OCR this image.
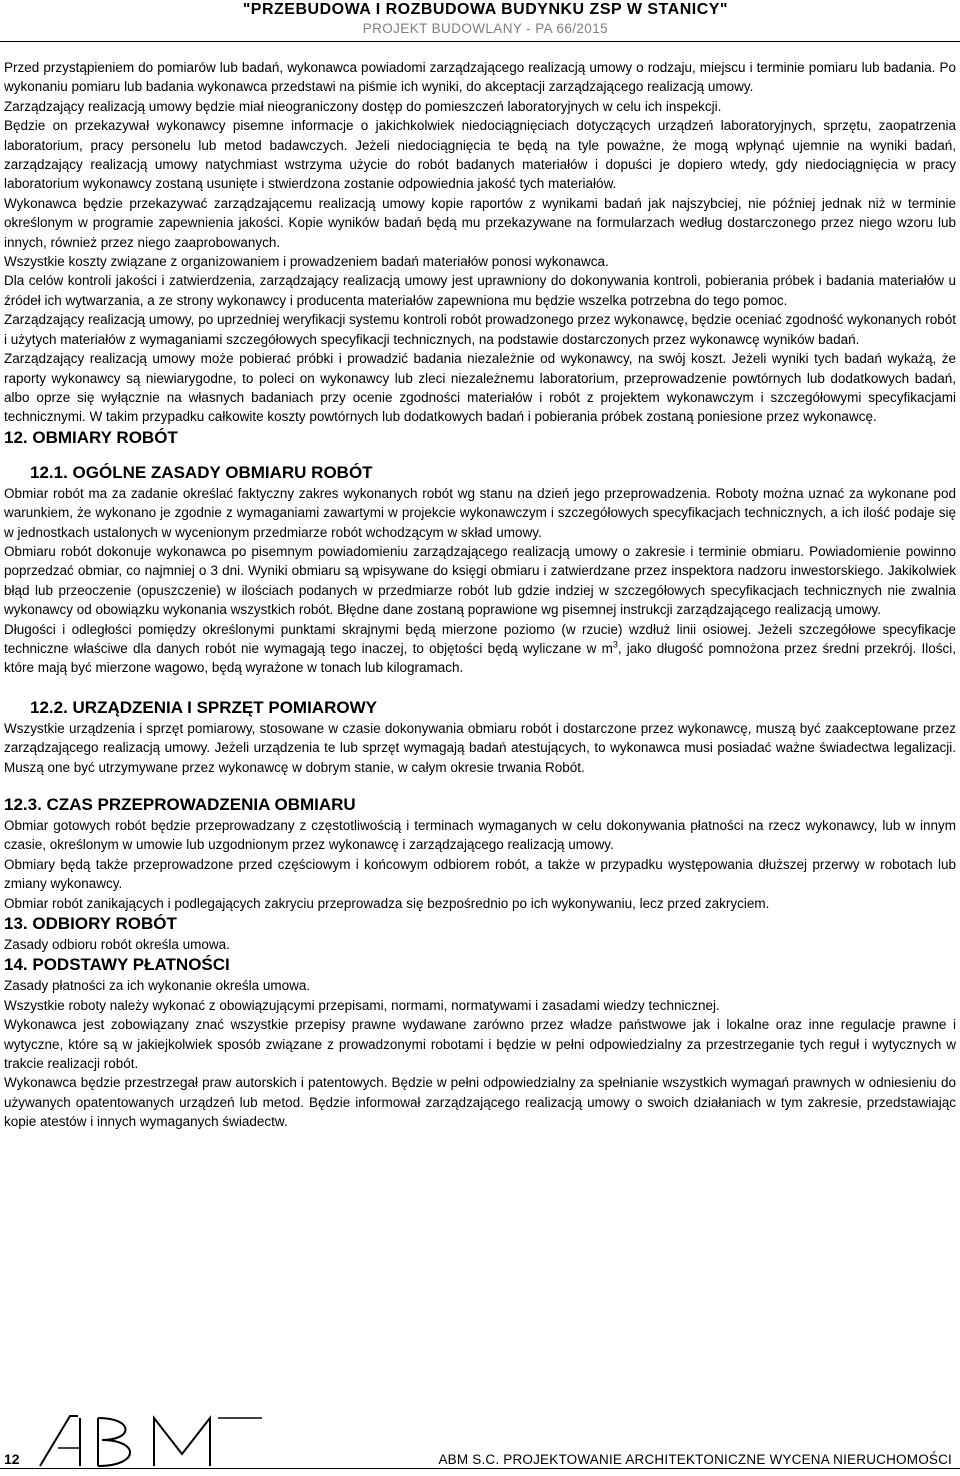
"PRZEBUDOWA I ROZBUDOWA BUDYNKU ZSP W STANICY"
PROJEKT BUDOWLANY - PA 66/2015

Przed przystąpieniem do pomiarów lub badań, wykonawca powiadomi zarządzającego realizacją umowy o rodzaju, miejscu i terminie pomiaru lub badania. Po wykonaniu pomiaru lub badania wykonawca przedstawi na piśmie ich wyniki, do akceptacji zarządzającego realizacją umowy.

Zarządzający realizacją umowy będzie miał nieograniczony dostęp do pomieszczeń laboratoryjnych w celu ich inspekcji.

Będzie on przekazywał wykonawcy pisemne informacje o jakichkolwiek niedociągnięciach dotyczących urządzeń laboratoryjnych, sprzętu, zaopatrzenia laboratorium, pracy personelu lub metod badawczych. Jeżeli niedociągnięcia te będą na tyle poważne, że mogą wpłynąć ujemnie na wyniki badań, zarządzający realizacją umowy natychmiast wstrzyma użycie do robót badanych materiałów i dopuści je dopiero wtedy, gdy niedociągnięcia w pracy laboratorium wykonawcy zostaną usunięte i stwierdzona zostanie odpowiednia jakość tych materiałów.

Wykonawca będzie przekazywać zarządzającemu realizacją umowy kopie raportów z wynikami badań jak najszybciej, nie później jednak niż w terminie określonym w programie zapewnienia jakości. Kopie wyników badań będą mu przekazywane na formularzach według dostarczonego przez niego wzoru lub innych, również przez niego zaaprobowanych.

Wszystkie koszty związane z organizowaniem i prowadzeniem badań materiałów ponosi wykonawca.

Dla celów kontroli jakości i zatwierdzenia, zarządzający realizacją umowy jest uprawniony do dokonywania kontroli, pobierania próbek i badania materiałów u źródeł ich wytwarzania, a ze strony wykonawcy i producenta materiałów zapewniona mu będzie wszelka potrzebna do tego pomoc.

Zarządzający realizacją umowy, po uprzedniej weryfikacji systemu kontroli robót prowadzonego przez wykonawcę, będzie oceniać zgodność wykonanych robót i użytych materiałów z wymaganiami szczegółowych specyfikacji technicznych, na podstawie dostarczonych przez wykonawcę wyników badań.

Zarządzający realizacją umowy może pobierać próbki i prowadzić badania niezależnie od wykonawcy, na swój koszt. Jeżeli wyniki tych badań wykażą, że raporty wykonawcy są niewiarygodne, to poleci on wykonawcy lub zleci niezależnemu laboratorium, przeprowadzenie powtórnych lub dodatkowych badań, albo oprze się wyłącznie na własnych badaniach przy ocenie zgodności materiałów i robót z projektem wykonawczym i szczegółowymi specyfikacjami technicznymi. W takim przypadku całkowite koszty powtórnych lub dodatkowych badań i pobierania próbek zostaną poniesione przez wykonawcę.

12. OBMIARY ROBÓT
12.1. OGÓLNE ZASADY OBMIARU ROBÓT

Obmiar robót ma za zadanie określać faktyczny zakres wykonanych robót wg stanu na dzień jego przeprowadzenia. Roboty można uznać za wykonane pod warunkiem, że wykonano je zgodnie z wymaganiami zawartymi w projekcie wykonawczym i szczegółowych specyfikacjach technicznych, a ich ilość podaje się w jednostkach ustalonych w wycenionym przedmiarze robót wchodzącym w skład umowy.

Obmiaru robót dokonuje wykonawca po pisemnym powiadomieniu zarządzającego realizacją umowy o zakresie i terminie obmiaru. Powiadomienie powinno poprzedzać obmiar, co najmniej o 3 dni. Wyniki obmiaru są wpisywane do księgi obmiaru i zatwierdzane przez inspektora nadzoru inwestorskiego. Jakikolwiek błąd lub przeoczenie (opuszczenie) w ilościach podanych w przedmiarze robót lub gdzie indziej w szczegółowych specyfikacjach technicznych nie zwalnia wykonawcy od obowiązku wykonania wszystkich robót. Błędne dane zostaną poprawione wg pisemnej instrukcji zarządzającego realizacją umowy.

Długości i odległości pomiędzy określonymi punktami skrajnymi będą mierzone poziomo (w rzucie) wzdłuż linii osiowej. Jeżeli szczegółowe specyfikacje techniczne właściwe dla danych robót nie wymagają tego inaczej, to objętości będą wyliczane w $m^3$, jako długość pomnożona przez średni przekrój. Ilości, które mają być mierzone wagowo, będą wyrażone w tonach lub kilogramach.

12.2. URZĄDZENIA I SPRZĘT POMIAROWY

Wszystkie urządzenia i sprzęt pomiarowy, stosowane w czasie dokonywania obmiaru robót i dostarczone przez wykonawcę, muszą być zaakceptowane przez zarządzającego realizacją umowy. Jeżeli urządzenia te lub sprzęt wymagają badań atestujących, to wykonawca musi posiadać ważne świadectwa legalizacji. Muszą one być utrzymywane przez wykonawcę w dobrym stanie, w całym okresie trwania Robót.

12.3. CZAS PRZEPROWADZENIA OBMIARU

Obmiar gotowych robót będzie przeprowadzany z częstotliwością i terminach wymaganych w celu dokonywania płatności na rzecz wykonawcy, lub w innym czasie, określonym w umowie lub uzgodnionym przez wykonawcę i zarządzającego realizacją umowy.

Obmiary będą także przeprowadzone przed częściowym i końcowym odbiorem robót, a także w przypadku występowania dłuższej przerwy w robotach lub zmiany wykonawcy.

Obmiar robót zanikających i podlegających zakryciu przeprowadza się bezpośrednio po ich wykonywaniu, lecz przed zakryciem.

13. ODBIORY ROBÓT

Zasady odbioru robót określa umowa.

14. PODSTAWY PŁATNOŚCI

Zasady płatności za ich wykonanie określa umowa.

Wszystkie roboty należy wykonać z obowiązującymi przepisami, normami, normatywami i zasadami wiedzy technicznej.

Wykonawca jest zobowiązany znać wszystkie przepisy prawne wydawane zarówno przez władze państwowe jak i lokalne oraz inne regulacje prawne i wytyczne, które są w jakiejkolwiek sposób związane z prowadzonymi robotami i będzie w pełni odpowiedzialny za przestrzeganie tych reguł i wytycznych w trakcie realizacji robót.

Wykonawca będzie przestrzegał praw autorskich i patentowych. Będzie w pełni odpowiedzialny za spełnianie wszystkich wymagań prawnych w odniesieniu do używanych opatentowanych urządzeń lub metod. Będzie informował zarządzającego realizacją umowy o swoich działaniach w tym zakresie, przedstawiając kopie atestów i innych wymaganych świadectw.

12	ABM S.C. PROJEKTOWANIE ARCHITEKTONICZNE WYCENA NIERUCHOMOŚCI
